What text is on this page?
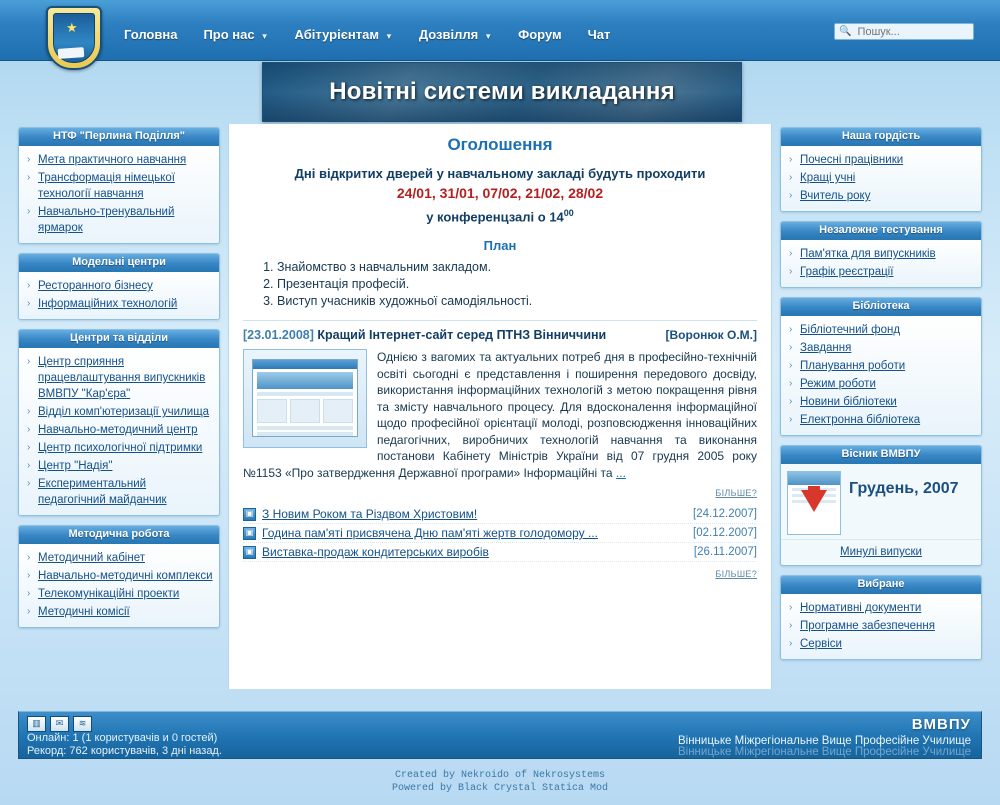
★	Головна	Про нас ▼	Абітурієнтам ▼	Дозвілля ▼	Форум	Чат	🔍
Пошук...
Новітні системи викладання
НТФ "Перлина Поділля"
› Мета практичного навчання
› Трансформація німецької технології навчання
› Навчально-тренувальний ярмарок
Модельні центри
› Ресторанного бізнесу
› Інформаційних технологій
Центри та відділи
› Центр сприяння працевлаштування випускників ВМВПУ "Кар'єра"
› Відділ комп'ютеризації училища
› Навчально-методичний центр
› Центр психологічної підтримки
› Центр "Надія"
› Експериментальний педагогічний майданчик
Методична робота
› Методичний кабінет
› Навчально-методичні комплекси
› Телекомунікаційні проекти
› Методичні комісії
Оголошення
Дні відкритих дверей у навчальному закладі будуть проходити
24/01, 31/01, 07/02, 21/02, 28/02
у конференцзалі о $14^{00}$
План
1. Знайомство з навчальним закладом.
2. Презентація професій.
3. Виступ учасників художньої самодіяльності.
[23.01.2008] Кращий Інтернет-сайт серед ПТНЗ Вінниччини	[Воронюк О.М.]
Однією з вагомих та актуальних потреб дня в професійно-технічній освіті сьогодні є представлення і поширення передового досвіду, використання інформаційних технологій з метою покращення рівня та змісту навчального процесу. Для вдосконалення інформаційної щодо професійної орієнтації молоді, розповсюдження інноваційних педагогічних, виробничих технологій навчання та виконання постанови Кабінету Міністрів України від 07 грудня 2005 року №1153 «Про затвердження Державної програми» Інформаційні та ...
БІЛЬШЕ?
▣ З Новим Роком та Різдвом Христовим!	[24.12.2007]
▣ Година пам'яті присвячена Дню пам'яті жертв голодомору ...	[02.12.2007]
▣ Виставка-продаж кондитерських виробів	[26.11.2007]
БІЛЬШЕ?
Наша гордість
› Почесні працівники
› Кращі учні
› Вчитель року
Незалежне тестування
› Пам'ятка для випускників
› Графік реєстрації
Бібліотека
› Бібліотечний фонд
› Завдання
› Планування роботи
› Режим роботи
› Новини бібліотеки
› Електронна бібліотека
Вісник ВМВПУ
Грудень, 2007
Минулі випуски
Вибране
› Нормативні документи
› Програмне забезпечення
› Сервіси
▥	✉	≋
Онлайн: 1 (1 користувачів и 0 гостей)
Рекорд: 762 користувачів, 3 дні назад.
ВМВПУ
Вінницьке Міжрегіональне Вище Професійне Училище
Вінницьке Міжрегіональне Вище Професійне Училище
Created by Nekroido of Nekrosystems
Powered by Black Crystal Statica Mod
